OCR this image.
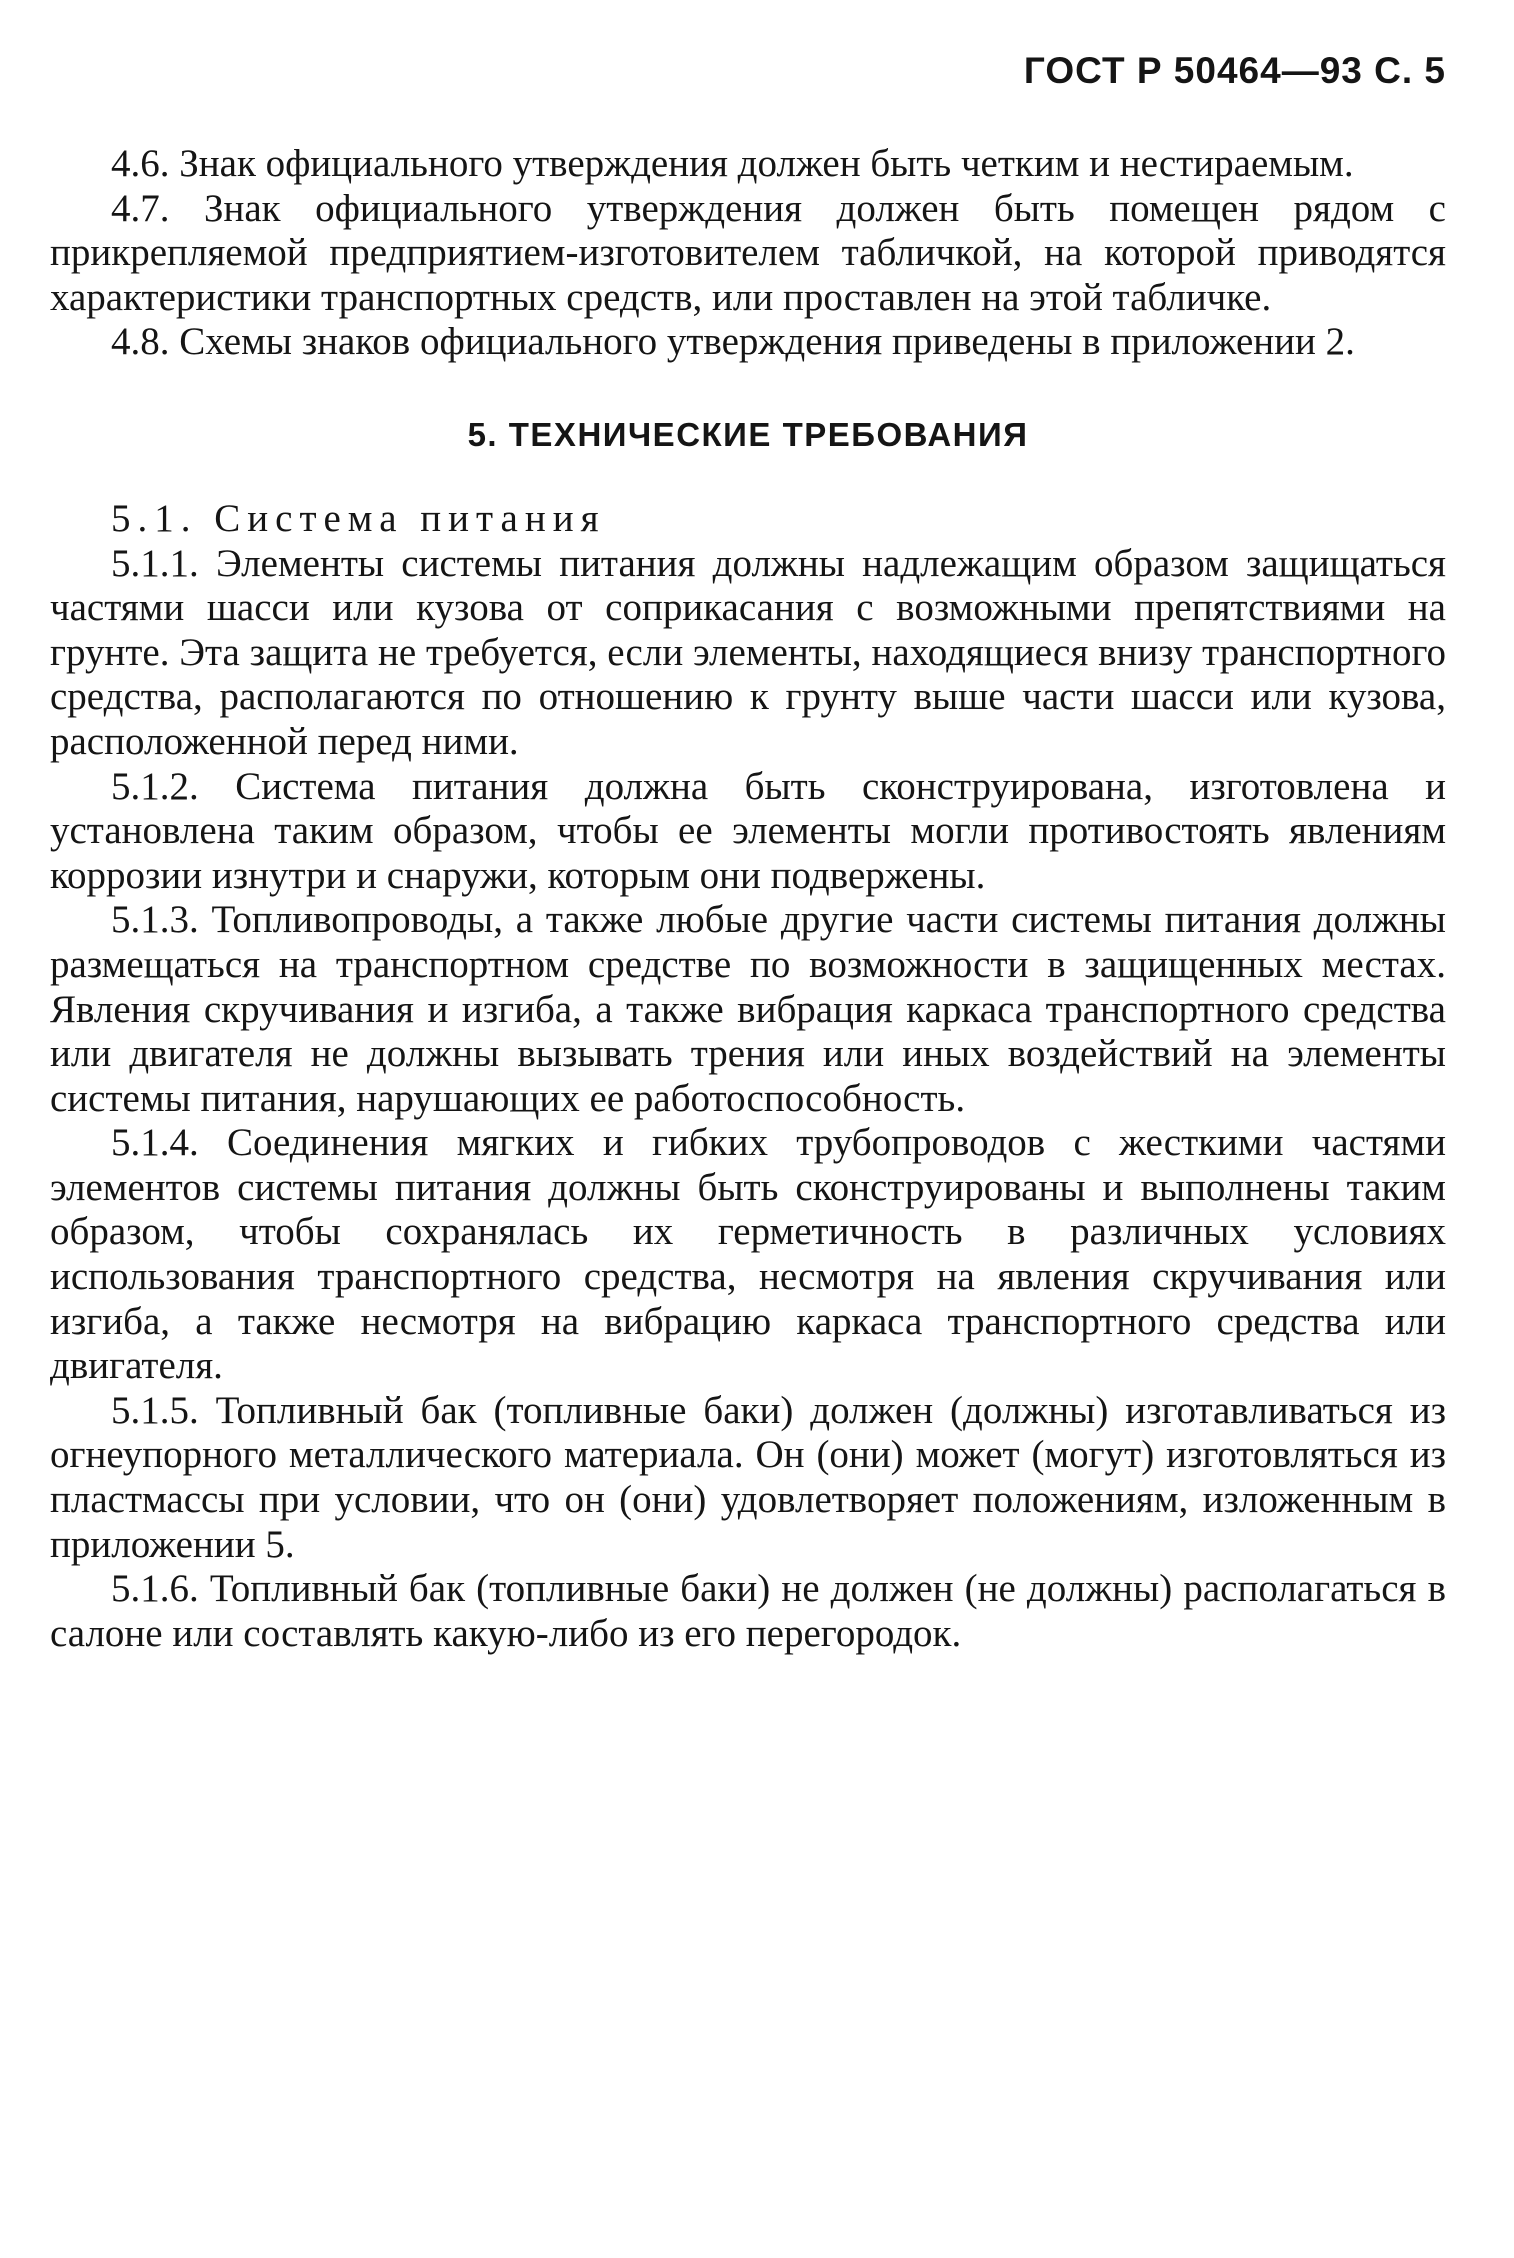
ГОСТ Р 50464—93 С. 5

4.6. Знак официального утверждения должен быть четким и нестираемым.

4.7. Знак официального утверждения должен быть помещен рядом с прикрепляемой предприятием-изготовителем табличкой, на которой приводятся характеристики транспортных средств, или проставлен на этой табличке.

4.8. Схемы знаков официального утверждения приведены в приложении 2.

5. ТЕХНИЧЕСКИЕ ТРЕБОВАНИЯ

5.1. Система питания

5.1.1. Элементы системы питания должны надлежащим образом защищаться частями шасси или кузова от соприкасания с возможными препятствиями на грунте. Эта защита не требуется, если элементы, находящиеся внизу транспортного средства, располагаются по отношению к грунту выше части шасси или кузова, расположенной перед ними.

5.1.2. Система питания должна быть сконструирована, изготовлена и установлена таким образом, чтобы ее элементы могли противостоять явлениям коррозии изнутри и снаружи, которым они подвержены.

5.1.3. Топливопроводы, а также любые другие части системы питания должны размещаться на транспортном средстве по возможности в защищенных местах. Явления скручивания и изгиба, а также вибрация каркаса транспортного средства или двигателя не должны вызывать трения или иных воздействий на элементы системы питания, нарушающих ее работоспособность.

5.1.4. Соединения мягких и гибких трубопроводов с жесткими частями элементов системы питания должны быть сконструированы и выполнены таким образом, чтобы сохранялась их герметичность в различных условиях использования транспортного средства, несмотря на явления скручивания или изгиба, а также несмотря на вибрацию каркаса транспортного средства или двигателя.

5.1.5. Топливный бак (топливные баки) должен (должны) изготавливаться из огнеупорного металлического материала. Он (они) может (могут) изготовляться из пластмассы при условии, что он (они) удовлетворяет положениям, изложенным в приложении 5.

5.1.6. Топливный бак (топливные баки) не должен (не должны) располагаться в салоне или составлять какую-либо из его перегородок.
